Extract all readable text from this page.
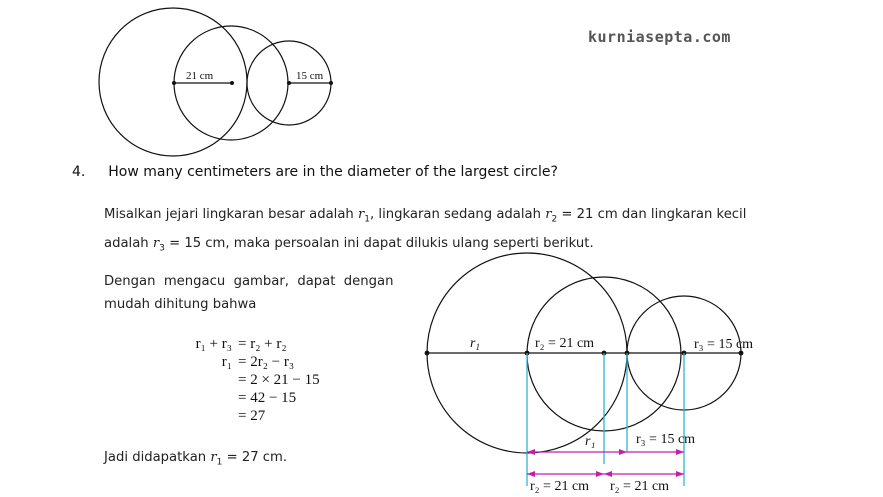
kurniasepta.com
21 cm	15 cm
4. How many centimeters are in the diameter of the largest circle?
Misalkan jejari lingkaran besar adalah $r_1$, lingkaran sedang adalah $r_2 = 21$ cm dan lingkaran kecil
adalah $r_3 = 15$ cm, maka persoalan ini dapat dilukis ulang seperti berikut.
Dengan  mengacu  gambar,  dapat  dengan
mudah dihitung bahwa
r₁ + r₃ = r₂ + r₂
r₁ = 2r₂ − r₃
= 2 × 21 − 15
= 42 − 15
= 27
Jadi didapatkan $r_1 = 27$ cm.
$r_1$	r₂ = 21 cm	r₃ = 15 cm
r₁	r₃ = 15 cm
r₂ = 21 cm r₂ = 21 cm
